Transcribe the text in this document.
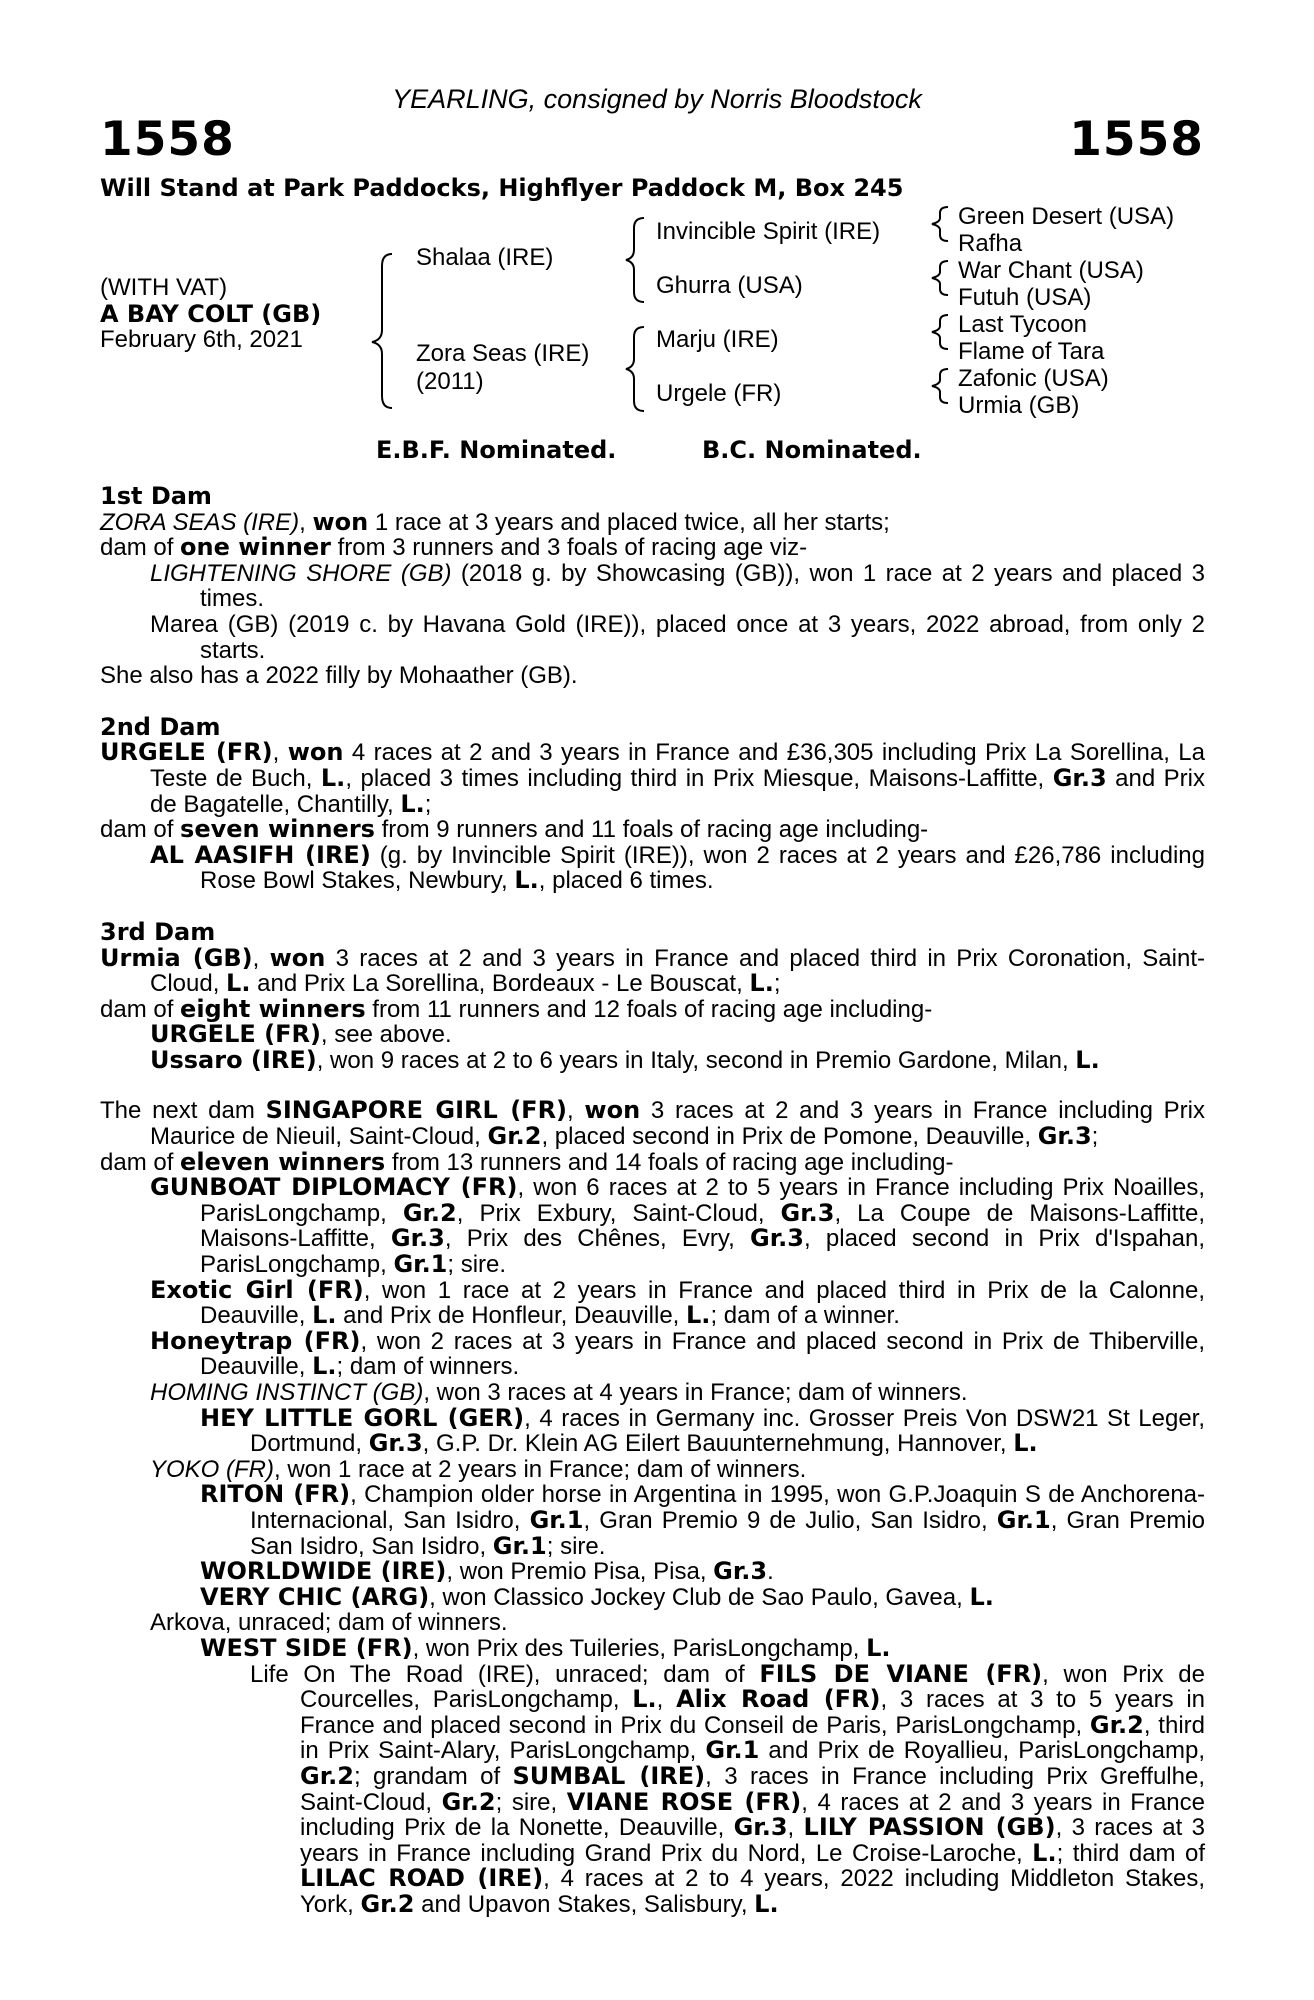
YEARLING, consigned by Norris Bloodstock
1558	1558
Will Stand at Park Paddocks, Highflyer Paddock M, Box 245
(WITH VAT)
A BAY COLT (GB)
February 6th, 2021
Shalaa (IRE)
Zora Seas (IRE)
(2011)
Invincible Spirit (IRE)
Ghurra (USA)
Marju (IRE)
Urgele (FR)
Green Desert (USA)
Rafha
War Chant (USA)
Futuh (USA)
Last Tycoon
Flame of Tara
Zafonic (USA)
Urmia (GB)
E.B.F. Nominated.	B.C. Nominated.

1st Dam

ZORA SEAS (IRE), won 1 race at 3 years and placed twice, all her starts;

dam of one winner from 3 runners and 3 foals of racing age viz-

LIGHTENING SHORE (GB) (2018 g. by Showcasing (GB)), won 1 race at 2 years and placed 3 times.

Marea (GB) (2019 c. by Havana Gold (IRE)), placed once at 3 years, 2022 abroad, from only 2 starts.

She also has a 2022 filly by Mohaather (GB).

2nd Dam

URGELE (FR), won 4 races at 2 and 3 years in France and £36,305 including Prix La Sorellina, La Teste de Buch, L., placed 3 times including third in Prix Miesque, Maisons-Laffitte, Gr.3 and Prix de Bagatelle, Chantilly, L.;

dam of seven winners from 9 runners and 11 foals of racing age including-

AL AASIFH (IRE) (g. by Invincible Spirit (IRE)), won 2 races at 2 years and £26,786 including Rose Bowl Stakes, Newbury, L., placed 6 times.

3rd Dam

Urmia (GB), won 3 races at 2 and 3 years in France and placed third in Prix Coronation, Saint-Cloud, L. and Prix La Sorellina, Bordeaux - Le Bouscat, L.;

dam of eight winners from 11 runners and 12 foals of racing age including-

URGELE (FR), see above.

Ussaro (IRE), won 9 races at 2 to 6 years in Italy, second in Premio Gardone, Milan, L.

The next dam SINGAPORE GIRL (FR), won 3 races at 2 and 3 years in France including Prix Maurice de Nieuil, Saint-Cloud, Gr.2, placed second in Prix de Pomone, Deauville, Gr.3;

dam of eleven winners from 13 runners and 14 foals of racing age including-

GUNBOAT DIPLOMACY (FR), won 6 races at 2 to 5 years in France including Prix Noailles, ParisLongchamp, Gr.2, Prix Exbury, Saint-Cloud, Gr.3, La Coupe de Maisons-Laffitte, Maisons-Laffitte, Gr.3, Prix des Chênes, Evry, Gr.3, placed second in Prix d'Ispahan, ParisLongchamp, Gr.1; sire.

Exotic Girl (FR), won 1 race at 2 years in France and placed third in Prix de la Calonne, Deauville, L. and Prix de Honfleur, Deauville, L.; dam of a winner.

Honeytrap (FR), won 2 races at 3 years in France and placed second in Prix de Thiberville, Deauville, L.; dam of winners.

HOMING INSTINCT (GB), won 3 races at 4 years in France; dam of winners.

HEY LITTLE GORL (GER), 4 races in Germany inc. Grosser Preis Von DSW21 St Leger, Dortmund, Gr.3, G.P. Dr. Klein AG Eilert Bauunternehmung, Hannover, L.

YOKO (FR), won 1 race at 2 years in France; dam of winners.

RITON (FR), Champion older horse in Argentina in 1995, won G.P.Joaquin S de Anchorena-Internacional, San Isidro, Gr.1, Gran Premio 9 de Julio, San Isidro, Gr.1, Gran Premio San Isidro, San Isidro, Gr.1; sire.

WORLDWIDE (IRE), won Premio Pisa, Pisa, Gr.3.

VERY CHIC (ARG), won Classico Jockey Club de Sao Paulo, Gavea, L.

Arkova, unraced; dam of winners.

WEST SIDE (FR), won Prix des Tuileries, ParisLongchamp, L.

Life On The Road (IRE), unraced; dam of FILS DE VIANE (FR), won Prix de Courcelles, ParisLongchamp, L., Alix Road (FR), 3 races at 3 to 5 years in France and placed second in Prix du Conseil de Paris, ParisLongchamp, Gr.2, third in Prix Saint-Alary, ParisLongchamp, Gr.1 and Prix de Royallieu, ParisLongchamp, Gr.2; grandam of SUMBAL (IRE), 3 races in France including Prix Greffulhe, Saint-Cloud, Gr.2; sire, VIANE ROSE (FR), 4 races at 2 and 3 years in France including Prix de la Nonette, Deauville, Gr.3, LILY PASSION (GB), 3 races at 3 years in France including Grand Prix du Nord, Le Croise-Laroche, L.; third dam of LILAC ROAD (IRE), 4 races at 2 to 4 years, 2022 including Middleton Stakes, York, Gr.2 and Upavon Stakes, Salisbury, L.
